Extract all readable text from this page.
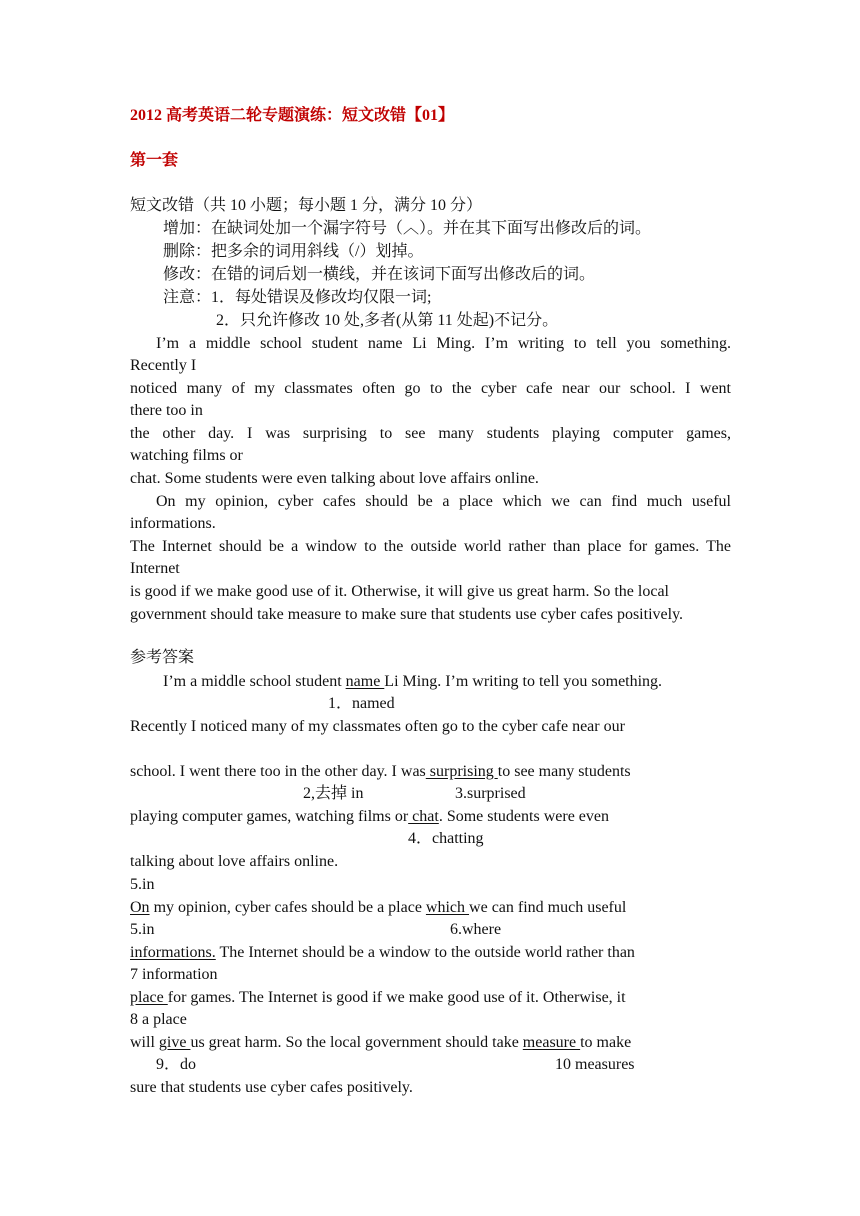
2012 高考英语二轮专题演练：短文改错【01】
第一套
短文改错（共 10 小题；每小题 1 分，满分 10 分）
增加：在缺词处加一个漏字符号（︿）。并在其下面写出修改后的词。
删除：把多余的词用斜线（/）划掉。
修改：在错的词后划一横线，并在该词下面写出修改后的词。
注意：1．每处错误及修改均仅限一词;
2．只允许修改 10 处,多者(从第 11 处起)不记分。
I’m a middle school student name Li Ming. I’m writing to tell you something.
Recently I
noticed many of my classmates often go to the cyber cafe near our school. I went
there too in
the other day. I was surprising to see many students playing computer games,
watching films or
chat. Some students were even talking about love affairs online.
On my opinion, cyber cafes should be a place which we can find much useful
informations.
The Internet should be a window to the outside world rather than place for games. The
Internet
is good if we make good use of it. Otherwise, it will give us great harm. So the local
government should take measure to make sure that students use cyber cafes positively.
参考答案
I’m a middle school student name Li Ming. I’m writing to tell you something.
1．named
Recently I noticed many of my classmates often go to the cyber cafe near our
school. I went there too in the other day. I was surprising to see many students
2,去掉 in	3.surprised
playing computer games, watching films or chat. Some students were even
4．chatting
talking about love affairs online.
5.in
On my opinion, cyber cafes should be a place which we can find much useful
5.in	6.where
informations. The Internet should be a window to the outside world rather than
7 information
place for games. The Internet is good if we make good use of it. Otherwise, it
8 a place
will give us great harm. So the local government should take measure to make
9．do	10 measures
sure that students use cyber cafes positively.
